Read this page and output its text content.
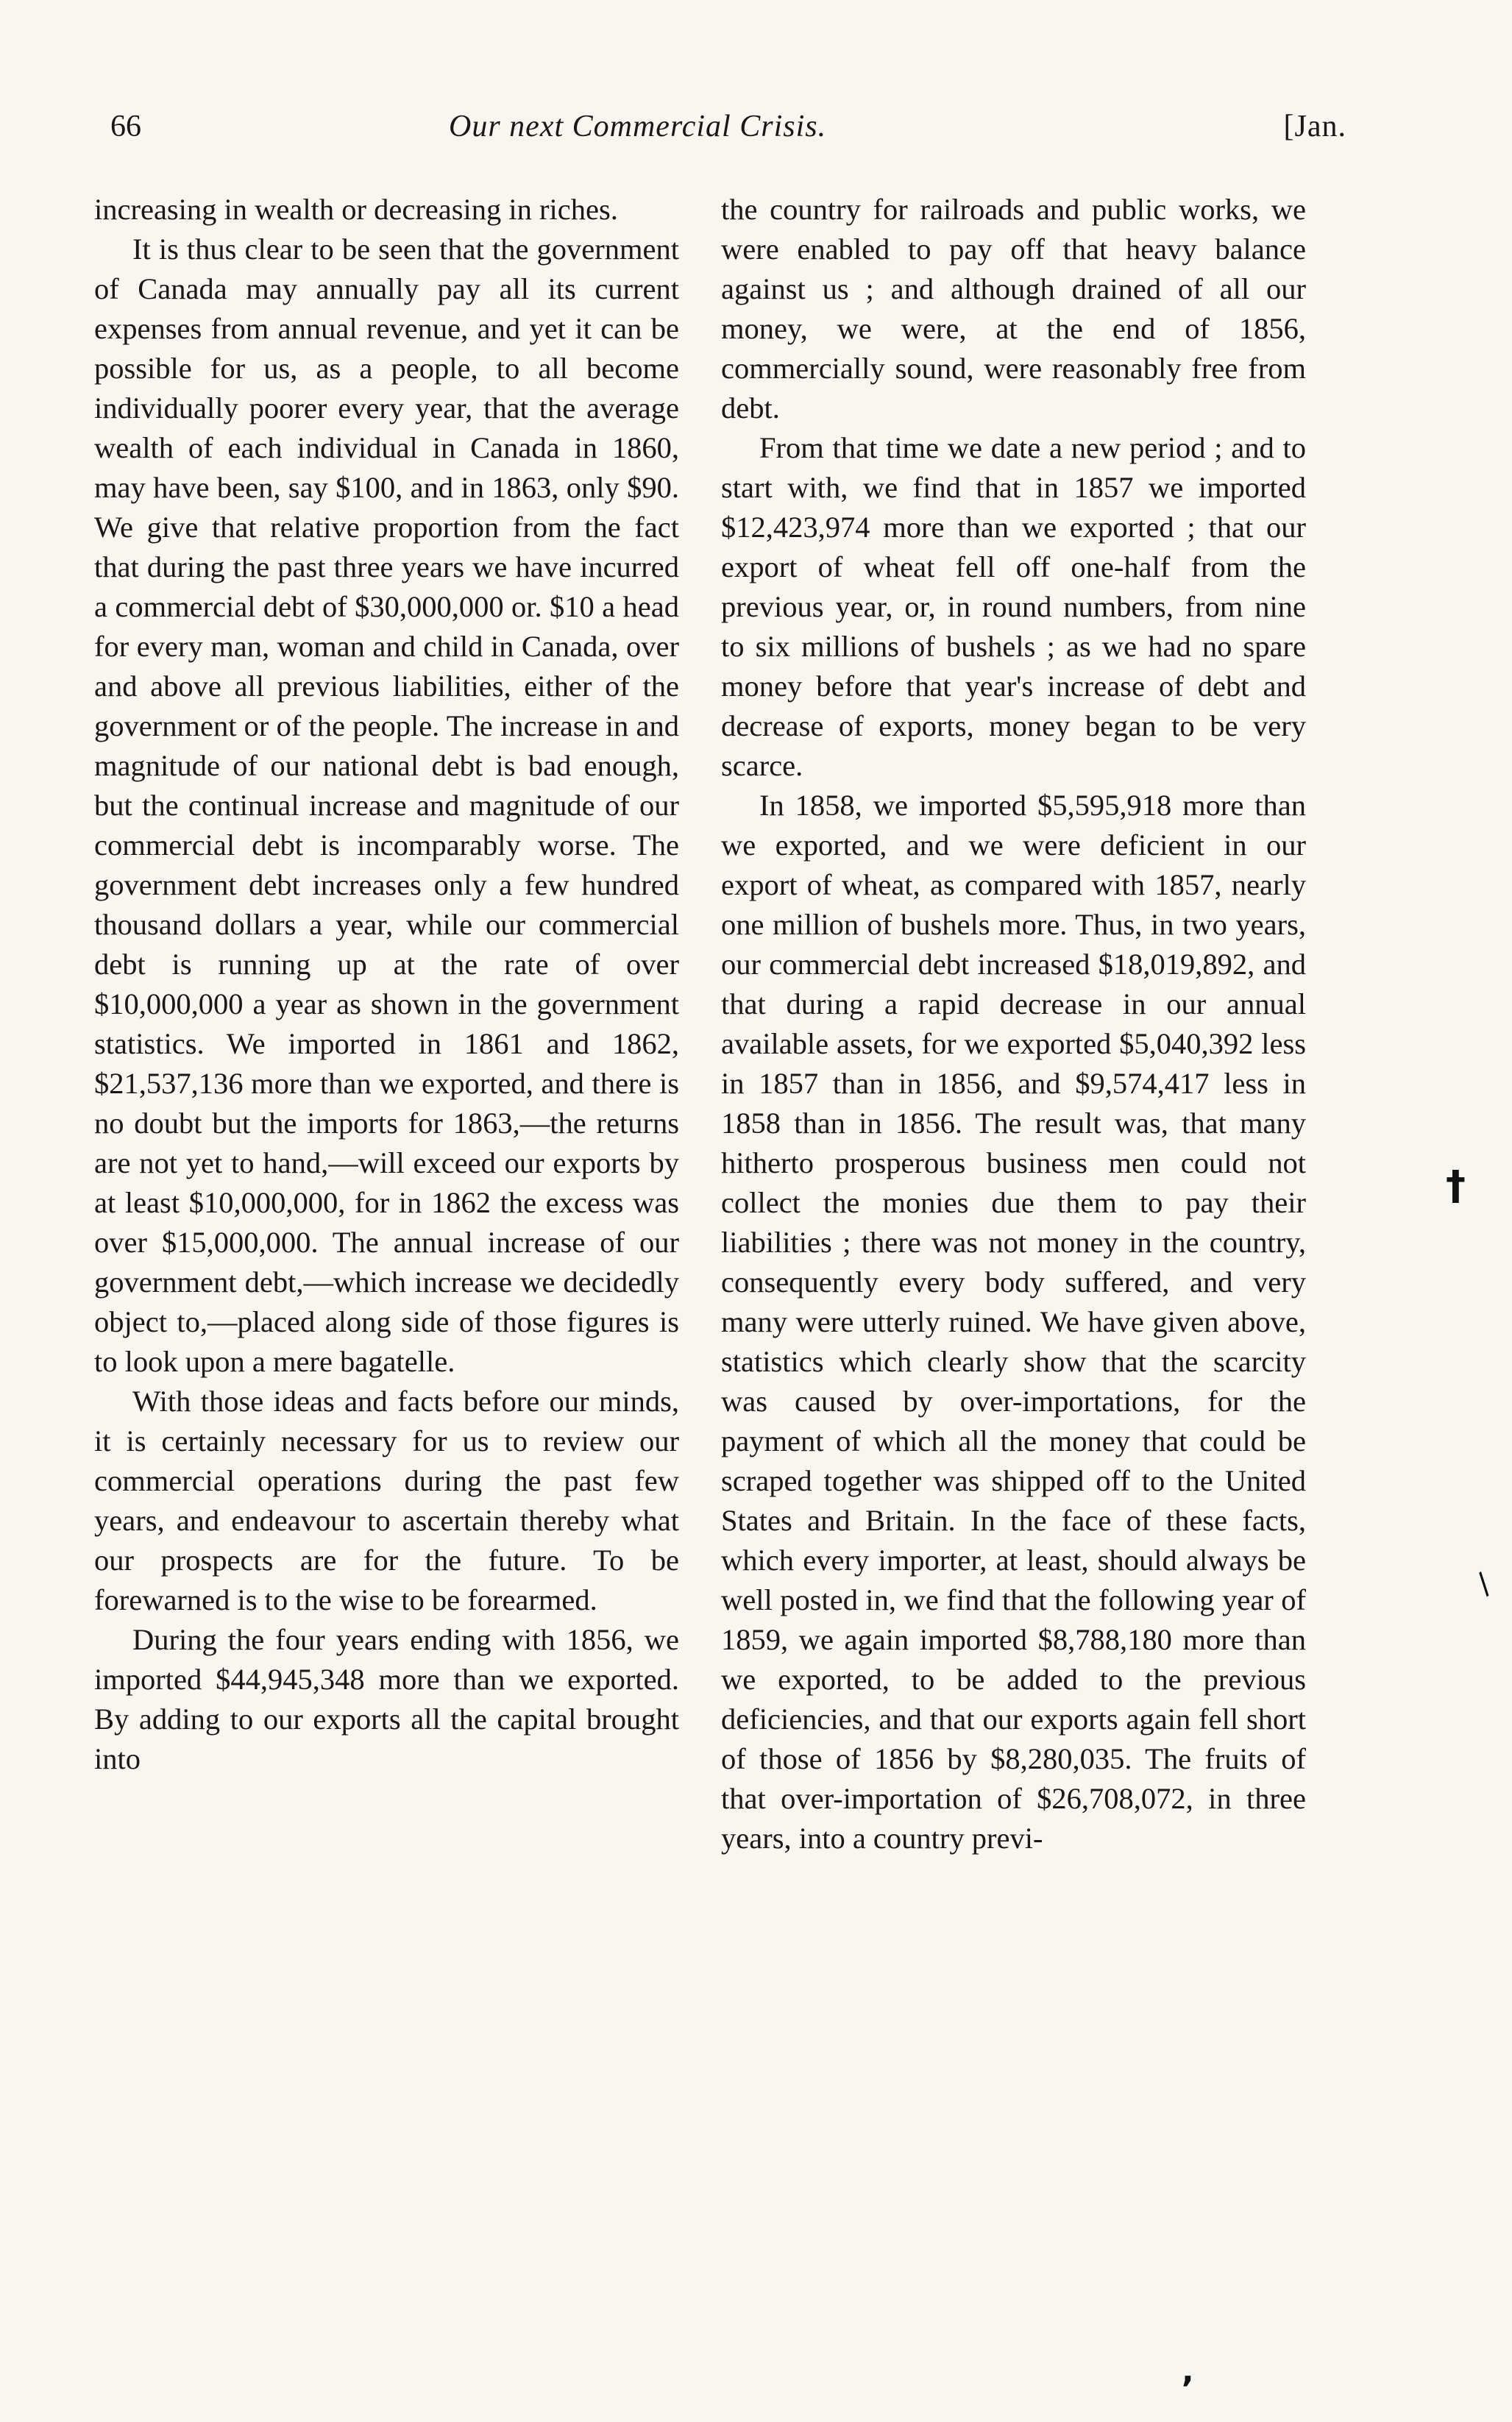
66	Our next Commercial Crisis.	[Jan.

increasing in wealth or decreasing in riches.

It is thus clear to be seen that the government of Canada may annually pay all its current expenses from annual revenue, and yet it can be possible for us, as a people, to all become individually poorer every year, that the average wealth of each individual in Canada in 1860, may have been, say $100, and in 1863, only $90. We give that relative proportion from the fact that during the past three years we have incurred a commercial debt of $30,000,000 or. $10 a head for every man, woman and child in Canada, over and above all previous liabilities, either of the government or of the people. The increase in and magnitude of our national debt is bad enough, but the continual increase and magnitude of our commercial debt is incomparably worse. The government debt increases only a few hundred thousand dollars a year, while our commercial debt is running up at the rate of over $10,000,000 a year as shown in the government statistics. We imported in 1861 and 1862, $21,537,136 more than we exported, and there is no doubt but the imports for 1863,—the returns are not yet to hand,—will exceed our exports by at least $10,000,000, for in 1862 the excess was over $15,000,000. The annual increase of our government debt,—which increase we decidedly object to,—placed along side of those figures is to look upon a mere bagatelle.

With those ideas and facts before our minds, it is certainly necessary for us to review our commercial operations during the past few years, and endeavour to ascertain thereby what our prospects are for the future. To be forewarned is to the wise to be forearmed.

During the four years ending with 1856, we imported $44,945,348 more than we exported. By adding to our exports all the capital brought into

the country for railroads and public works, we were enabled to pay off that heavy balance against us ; and although drained of all our money, we were, at the end of 1856, commercially sound, were reasonably free from debt.

From that time we date a new period ; and to start with, we find that in 1857 we imported $12,423,974 more than we exported ; that our export of wheat fell off one-half from the previous year, or, in round numbers, from nine to six millions of bushels ; as we had no spare money before that year's increase of debt and decrease of exports, money began to be very scarce.

In 1858, we imported $5,595,918 more than we exported, and we were deficient in our export of wheat, as compared with 1857, nearly one million of bushels more. Thus, in two years, our commercial debt increased $18,019,892, and that during a rapid decrease in our annual available assets, for we exported $5,040,392 less in 1857 than in 1856, and $9,574,417 less in 1858 than in 1856. The result was, that many hitherto prosperous business men could not collect the monies due them to pay their liabilities ; there was not money in the country, consequently every body suffered, and very many were utterly ruined. We have given above, statistics which clearly show that the scarcity was caused by over-importations, for the payment of which all the money that could be scraped together was shipped off to the United States and Britain. In the face of these facts, which every importer, at least, should always be well posted in, we find that the following year of 1859, we again imported $8,788,180 more than we exported, to be added to the previous deficiencies, and that our exports again fell short of those of 1856 by $8,280,035. The fruits of that over-importation of $26,708,072, in three years, into a country previ-

†
∕
‚
